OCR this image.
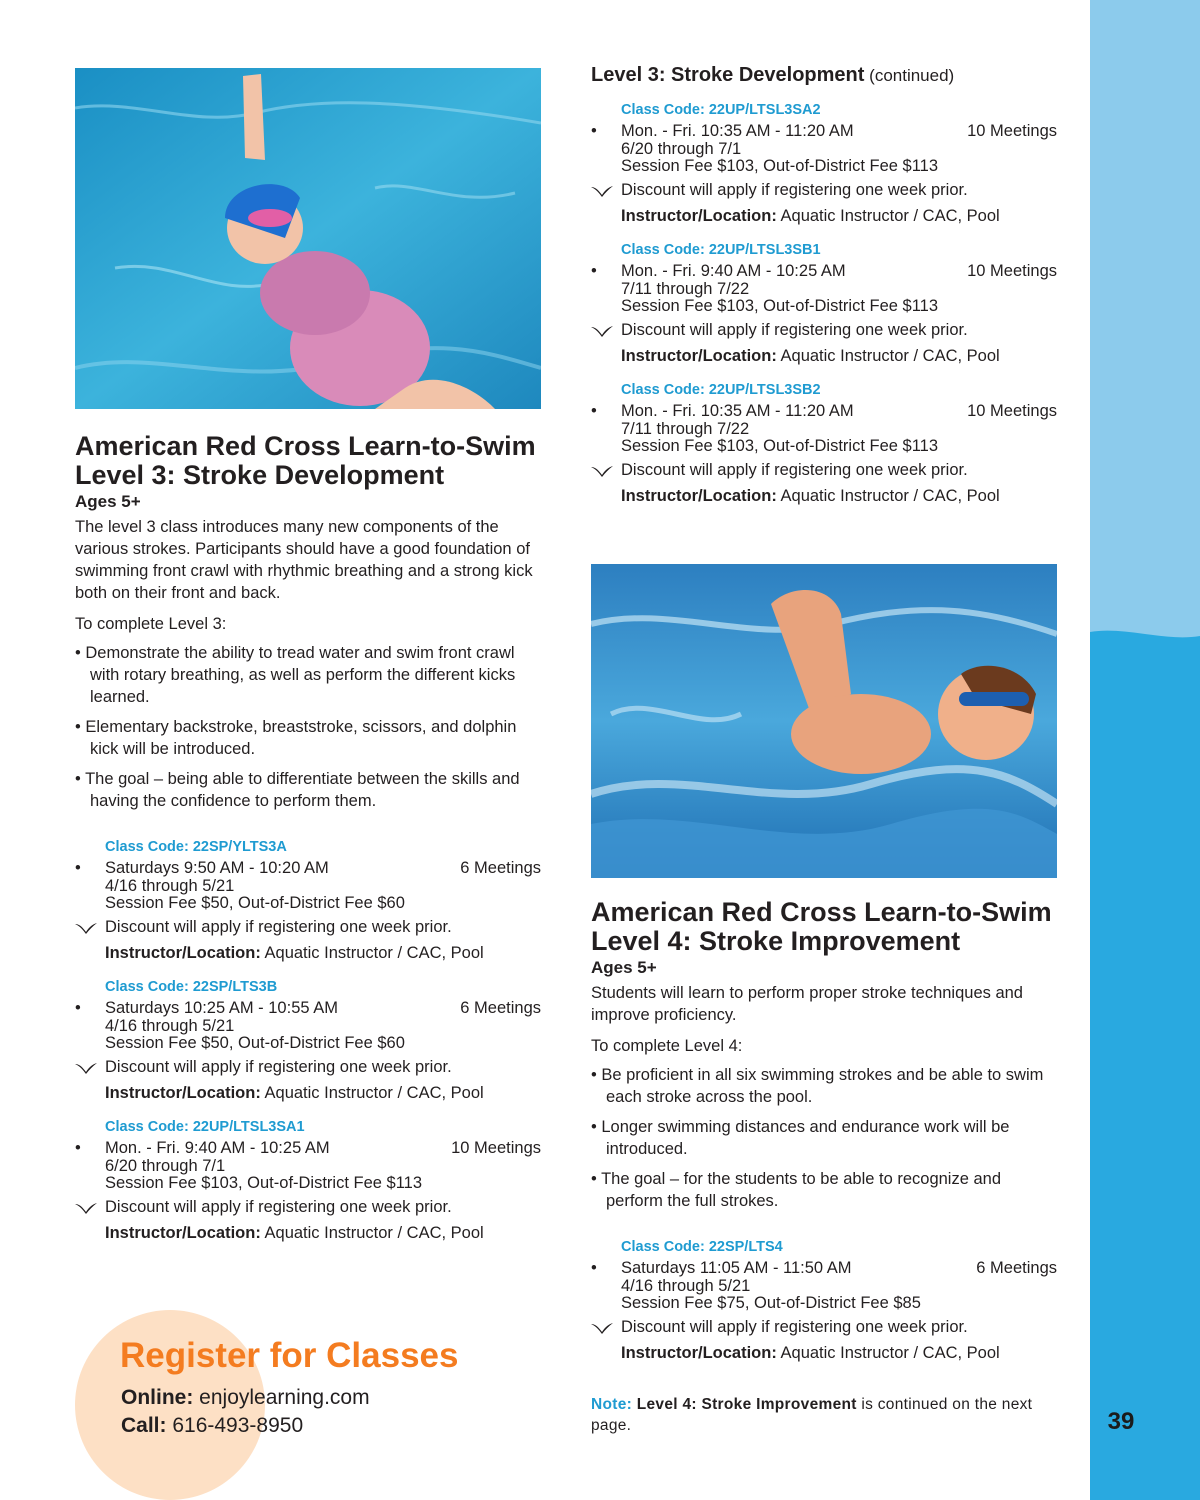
39
American Red Cross Learn-to-Swim
Level 3: Stroke Development
Ages 5+

The level 3 class introduces many new components of the various strokes. Participants should have a good foundation of swimming front crawl with rhythmic breathing and a strong kick both on their front and back.

To complete Level 3:

• Demonstrate the ability to tread water and swim front crawl with rotary breathing, as well as perform the different kicks learned.
• Elementary backstroke, breaststroke, scissors, and dolphin kick will be introduced.
• The goal – being able to differentiate between the skills and having the confidence to perform them.
Class Code: 22SP/YLTS3A
•	Saturdays 9:50 AM - 10:20 AM	6 Meetings
4/16 through 5/21
Session Fee $50, Out-of-District Fee $60
Discount will apply if registering one week prior.
Instructor/Location: Aquatic Instructor / CAC, Pool
Class Code: 22SP/LTS3B
•	Saturdays 10:25 AM - 10:55 AM	6 Meetings
4/16 through 5/21
Session Fee $50, Out-of-District Fee $60
Discount will apply if registering one week prior.
Instructor/Location: Aquatic Instructor / CAC, Pool
Class Code: 22UP/LTSL3SA1
•	Mon. - Fri. 9:40 AM - 10:25 AM	10 Meetings
6/20 through 7/1
Session Fee $103, Out-of-District Fee $113
Discount will apply if registering one week prior.
Instructor/Location: Aquatic Instructor / CAC, Pool
Register for Classes
Online: enjoylearning.com
Call: 616-493-8950
Level 3: Stroke Development (continued)
Class Code: 22UP/LTSL3SA2
•	Mon. - Fri. 10:35 AM - 11:20 AM	10 Meetings
6/20 through 7/1
Session Fee $103, Out-of-District Fee $113
Discount will apply if registering one week prior.
Instructor/Location: Aquatic Instructor / CAC, Pool
Class Code: 22UP/LTSL3SB1
•	Mon. - Fri. 9:40 AM - 10:25 AM	10 Meetings
7/11 through 7/22
Session Fee $103, Out-of-District Fee $113
Discount will apply if registering one week prior.
Instructor/Location: Aquatic Instructor / CAC, Pool
Class Code: 22UP/LTSL3SB2
•	Mon. - Fri. 10:35 AM - 11:20 AM	10 Meetings
7/11 through 7/22
Session Fee $103, Out-of-District Fee $113
Discount will apply if registering one week prior.
Instructor/Location: Aquatic Instructor / CAC, Pool
American Red Cross Learn-to-Swim
Level 4: Stroke Improvement
Ages 5+

Students will learn to perform proper stroke techniques and improve proficiency.

To complete Level 4:

• Be proficient in all six swimming strokes and be able to swim each stroke across the pool.
• Longer swimming distances and endurance work will be introduced.
• The goal – for the students to be able to recognize and perform the full strokes.
Class Code: 22SP/LTS4
•	Saturdays 11:05 AM - 11:50 AM	6 Meetings
4/16 through 5/21
Session Fee $75, Out-of-District Fee $85
Discount will apply if registering one week prior.
Instructor/Location: Aquatic Instructor / CAC, Pool
Note: Level 4: Stroke Improvement is continued on the next page.
